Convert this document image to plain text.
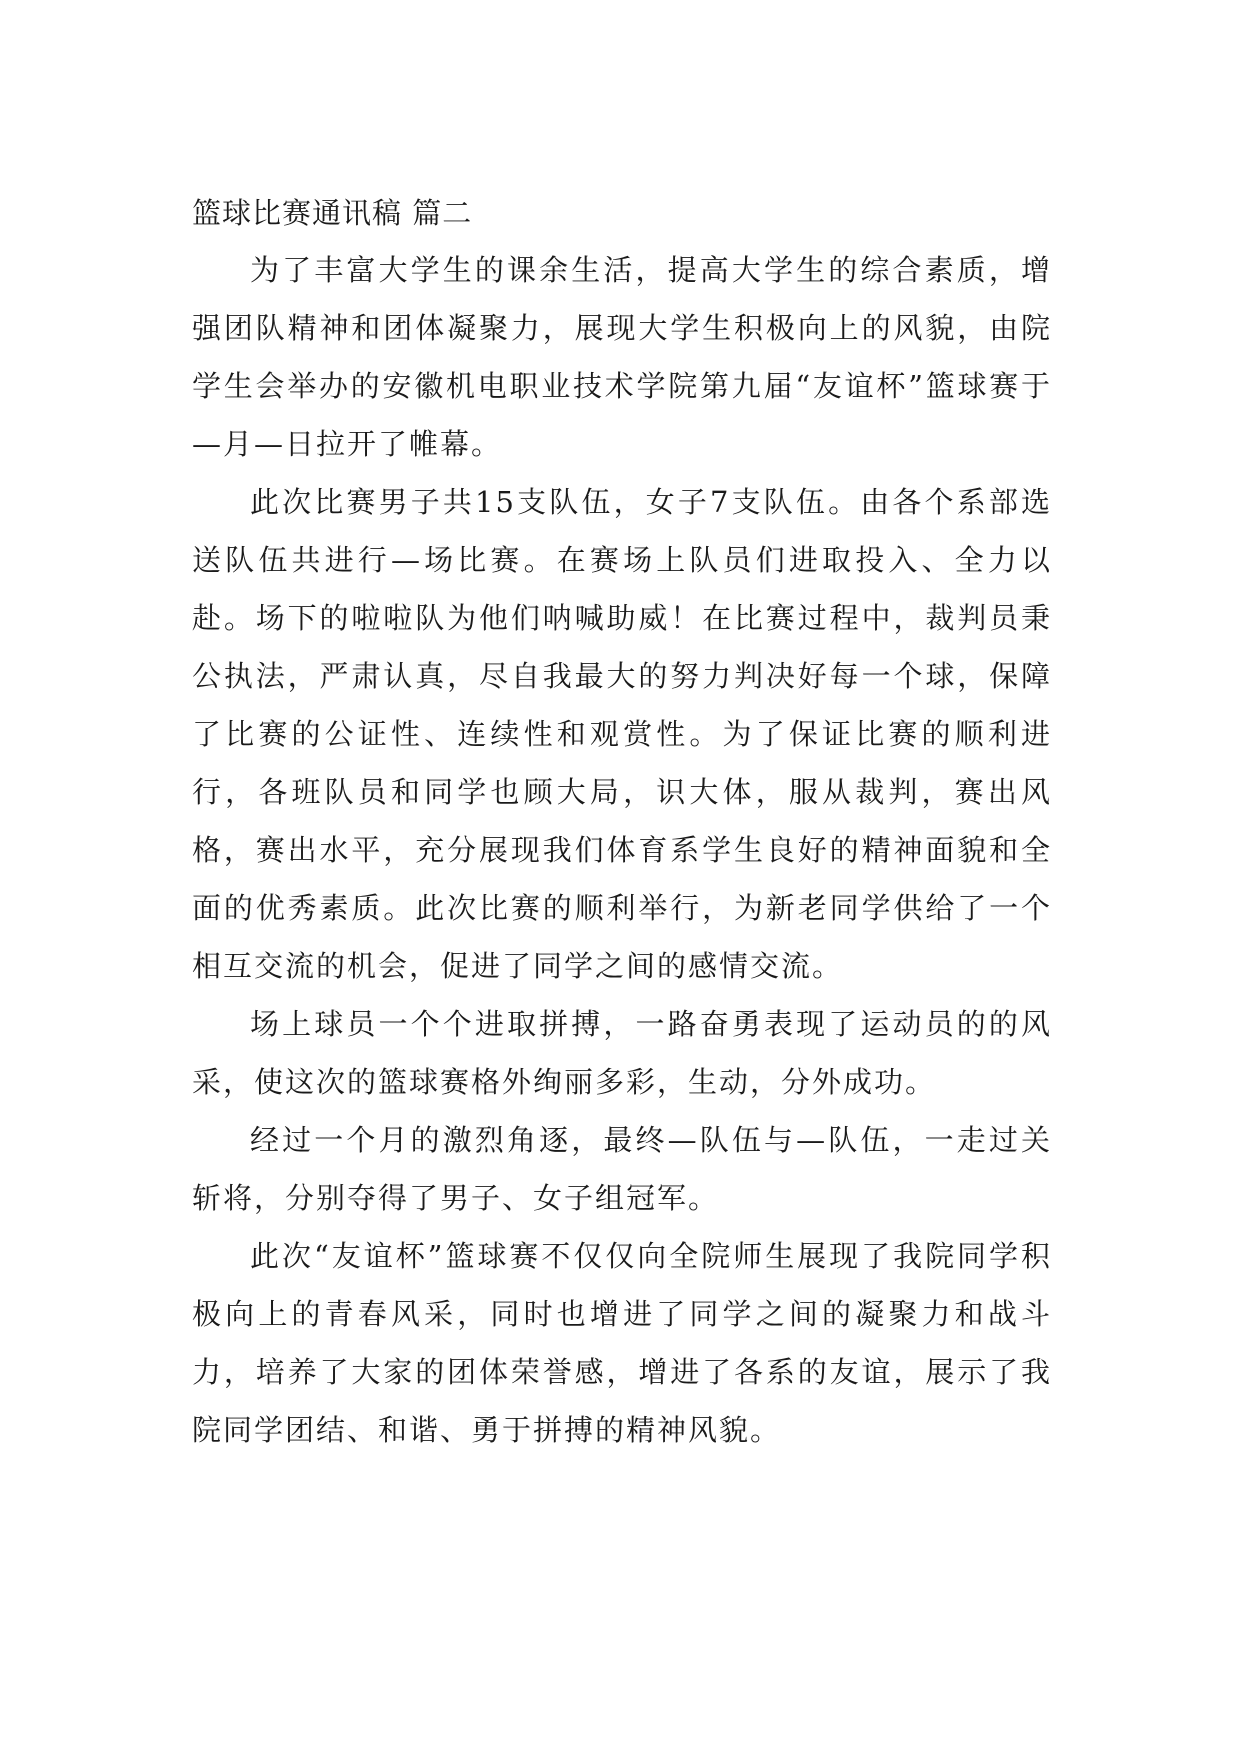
篮球比赛通讯稿 篇二

为了丰富大学生的课余生活，提高大学生的综合素质，增强团队精神和团体凝聚力，展现大学生积极向上的风貌，由院学生会举办的安徽机电职业技术学院第九届“友谊杯”篮球赛于—月—日拉开了帷幕。

此次比赛男子共15支队伍，女子7支队伍。由各个系部选送队伍共进行—场比赛。在赛场上队员们进取投入、全力以赴。场下的啦啦队为他们呐喊助威！在比赛过程中，裁判员秉公执法，严肃认真，尽自我最大的努力判决好每一个球，保障了比赛的公证性、连续性和观赏性。为了保证比赛的顺利进行，各班队员和同学也顾大局，识大体，服从裁判，赛出风格，赛出水平，充分展现我们体育系学生良好的精神面貌和全面的优秀素质。此次比赛的顺利举行，为新老同学供给了一个相互交流的机会，促进了同学之间的感情交流。

场上球员一个个进取拼搏，一路奋勇表现了运动员的的风采，使这次的篮球赛格外绚丽多彩，生动，分外成功。

经过一个月的激烈角逐，最终—队伍与—队伍，一走过关斩将，分别夺得了男子、女子组冠军。

此次“友谊杯”篮球赛不仅仅向全院师生展现了我院同学积极向上的青春风采，同时也增进了同学之间的凝聚力和战斗力，培养了大家的团体荣誉感，增进了各系的友谊，展示了我院同学团结、和谐、勇于拼搏的精神风貌。
